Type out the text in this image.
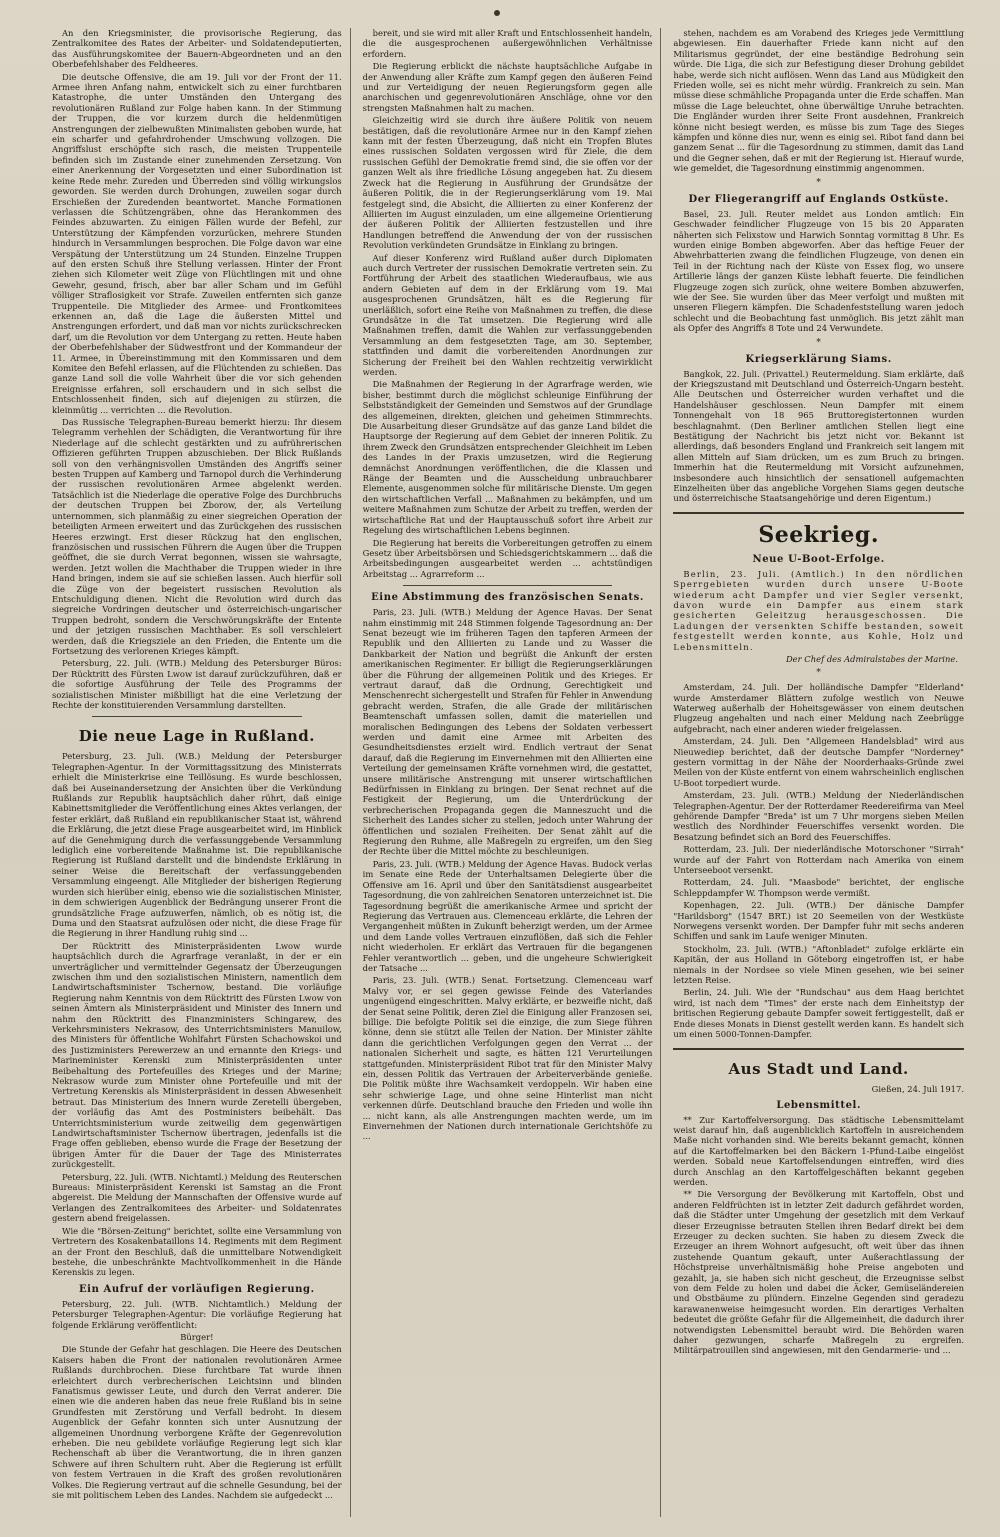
An den Kriegsminister, die provisorische Regierung, das Zentralkomitee des Rates der Arbeiter- und Soldatendeputierten, das Ausführungskomitee der Bauern-Abgeordneten und an den Oberbefehlshaber des Feldheeres.

Die deutsche Offensive, die am 19. Juli vor der Front der 11. Armee ihren Anfang nahm, entwickelt sich zu einer furchtbaren Katastrophe, die unter Umständen den Untergang des revolutionären Rußland zur Folge haben kann. In der Stimmung der Truppen, die vor kurzem durch die heldenmütigen Anstrengungen der zielbewußten Minimalisten geboben wurde, hat ein scharfer und gefahrdrohender Umschwung vollzogen. Die Angriffslust erschöpfte sich rasch, die meisten Truppenteile befinden sich im Zustande einer zunehmenden Zersetzung. Von einer Anerkennung der Vorgesetzten und einer Subordination ist keine Rede mehr. Zureden und Überreden sind völlig wirkungslos geworden. Sie werden durch Drohungen, zuweilen sogar durch Erschießen der Zuredenden beantwortet. Manche Formationen verlassen die Schützengräben, ohne das Herankommen des Feindes abzuwarten. Zu einigen Fällen wurde der Befehl, zur Unterstützung der Kämpfenden vorzurücken, mehrere Stunden hindurch in Versammlungen besprochen. Die Folge davon war eine Verspätung der Unterstützung um 24 Stunden. Einzelne Truppen auf den ersten Schuß ihre Stellung verlassen. Hinter der Front ziehen sich Kilometer weit Züge von Flüchtlingen mit und ohne Gewehr, gesund, frisch, aber bar aller Scham und im Gefühl völliger Straflosigkeit vor Strafe. Zuweilen entfernten sich ganze Truppenteile. Die Mitglieder des Armee- und Frontkomitees erkennen an, daß die Lage die äußersten Mittel und Anstrengungen erfordert, und daß man vor nichts zurückschrecken darf, um die Revolution vor dem Untergang zu retten. Heute haben der Oberbefehlshaber der Südwestfront und der Kommandeur der 11. Armee, in Übereinstimmung mit den Kommissaren und dem Komitee den Befehl erlassen, auf die Flüchtenden zu schießen. Das ganze Land soll die volle Wahrheit über die vor sich gehenden Ereignisse erfahren, soll erschaudern und in sich selbst die Entschlossenheit finden, sich auf diejenigen zu stürzen, die kleinmütig ... verrichten ... die Revolution.

Das Russische Telegraphen-Bureau bemerkt hierzu: Ihr diesem Telegramm verhehlen der Schädigten, die Verantwortung für ihre Niederlage auf die schlecht gestärkten und zu aufrührerischen Offizieren geführten Truppen abzuschieben. Der Blick Rußlands soll von den verhängnisvollen Umständen des Angriffs seiner besten Truppen auf Kamberg und Tarnopol durch die Verhinderung der russischen revolutionären Armee abgelenkt werden. Tatsächlich ist die Niederlage die operative Folge des Durchbruchs der deutschen Truppen bei Zborow, der, als Verteilung unternommen, sich planmäßig zu einer siegreichen Operation der beteiligten Armeen erweitert und das Zurückgehen des russischen Heeres erzwingt. Erst dieser Rückzug hat den englischen, französischen und russischen Führern die Augen über die Truppen geöffnet, die sie durch Verrat begonnen, wissen sie wahrsagte, werden. Jetzt wollen die Machthaber die Truppen wieder in ihre Hand bringen, indem sie auf sie schießen lassen. Auch hierfür soll die Züge von der begeistert russischen Revolution als Entschuldigung dienen. Nicht die Revolution wird durch das siegreiche Vordringen deutscher und österreichisch-ungarischer Truppen bedroht, sondern die Verschwörungskräfte der Entente und der jetzigen russischen Machthaber. Es soll verschleiert werden, daß die Kriegsziele an den Frieden, die Entente um die Fortsetzung des verlorenen Krieges kämpft.

Petersburg, 22. Juli. (WTB.) Meldung des Petersburger Büros: Der Rücktritt des Fürsten Lwow ist darauf zurückzuführen, daß er die sofortige Ausführung der Teile des Programms der sozialistischen Minister mißbilligt hat die eine Verletzung der Rechte der konstituierenden Versammlung darstellten.

Die neue Lage in Rußland.

Petersburg, 23. Juli. (W.B.) Meldung der Petersburger Telegraphen-Agentur. In der Vormittagssitzung des Ministerrats erhielt die Ministerkrise eine Teillösung. Es wurde beschlossen, daß bei Auseinandersetzung der Ansichten über die Verkündung Rußlands zur Republik hauptsächlich daher rührt, daß einige Kabinettsmitglieder die Veröffentlichung eines Aktes verlangen, der fester erklärt, daß Rußland ein republikanischer Staat ist, während die Erklärung, die jetzt diese Frage ausgearbeitet wird, im Hinblick auf die Genehmigung durch die verfassunggebende Versammlung lediglich eine vorbereitende Maßnahme ist. Die republikanische Regierung ist Rußland darstellt und die bindendste Erklärung in seiner Weise die Bereitschaft der verfassunggebenden Versammlung eingeengt. Alle Mitglieder der bisherigen Regierung wurden sich hierüber einig, ebenso wie die sozialistischen Minister, in dem schwierigen Augenblick der Bedrängung unserer Front die grundsätzliche Frage aufzuwerfen, nämlich, ob es nötig ist, die Duma und den Staatsrat aufzulösen oder nicht, die diese Frage für die Regierung in ihrer Handlung ruhig sind ...

Der Rücktritt des Ministerpräsidenten Lwow wurde hauptsächlich durch die Agrarfrage veranlaßt, in der er ein unverträglicher und vermittelnder Gegensatz der Überzeugungen zwischen ihm und den sozialistischen Ministern, namentlich dem Landwirtschaftsminister Tschernow, bestand. Die vorläufige Regierung nahm Kenntnis von dem Rücktritt des Fürsten Lwow von seinen Ämtern als Ministerpräsident und Minister des Innern und nahm den Rücktritt des Finanzministers Schingarew, des Verkehrsministers Nekrasow, des Unterrichtsministers Manuilow, des Ministers für öffentliche Wohlfahrt Fürsten Schachowskoi und des Justizministers Perewerzew an und ernannte den Kriegs- und Marineminister Kerenski zum Ministerpräsidenten unter Beibehaltung des Portefeuilles des Krieges und der Marine; Nekrasow wurde zum Minister ohne Portefeuille und mit der Vertretung Kerenskis als Ministerpräsident in dessen Abwesenheit betraut. Das Ministerium des Innern wurde Zeretelli übergeben, der vorläufig das Amt des Postministers beibehält. Das Unterrichtsministerium wurde zeitweilig dem gegenwärtigen Landwirtschaftsminister Tschernow übertragen, jedenfalls ist die Frage offen geblieben, ebenso wurde die Frage der Besetzung der übrigen Ämter für die Dauer der Tage des Ministerrates zurückgestellt.

Petersburg, 22. Juli. (WTB. Nichtamtl.) Meldung des Reuterschen Bureaus: Ministerpräsident Kerenski ist Samstag an die Front abgereist. Die Meldung der Mannschaften der Offensive wurde auf Verlangen des Zentralkomitees des Arbeiter- und Soldatenrates gestern abend freigelassen.

Wie die "Börsen-Zeitung" berichtet, sollte eine Versammlung von Vertretern des Kosakenbataillons 14. Regiments mit dem Regiment an der Front den Beschluß, daß die unmittelbare Notwendigkeit bestehe, die unbeschränkte Machtvollkommenheit in die Hände Kerenskis zu legen.

Ein Aufruf der vorläufigen Regierung.

Petersburg, 22. Juli. (WTB. Nichtamtlich.) Meldung der Petersburger Telegraphen-Agentur: Die vorläufige Regierung hat folgende Erklärung veröffentlicht:

Bürger!

Die Stunde der Gefahr hat geschlagen. Die Heere des Deutschen Kaisers haben die Front der nationalen revolutionären Armee Rußlands durchbrochen. Diese furchtbare Tat wurde ihnen erleichtert durch verbrecherischen Leichtsinn und blinden Fanatismus gewisser Leute, und durch den Verrat anderer. Die einen wie die anderen haben das neue freie Rußland bis in seine Grundfesten mit Zerstörung und Verfall bedroht. In diesem Augenblick der Gefahr konnten sich unter Ausnutzung der allgemeinen Unordnung verborgene Kräfte der Gegenrevolution erheben. Die neu gebildete vorläufige Regierung legt sich klar Rechenschaft ab über die Verantwortung, die in ihren ganzen Schwere auf ihren Schultern ruht. Aber die Regierung ist erfüllt von festem Vertrauen in die Kraft des großen revolutionären Volkes. Die Regierung vertraut auf die schnelle Gesundung, bei der sie mit politischem Leben des Landes. Nachdem sie aufgedeckt ...

bereit, und sie wird mit aller Kraft und Entschlossenheit handeln, die die ausgesprochenen außergewöhnlichen Verhältnisse erfordern.

Die Regierung erblickt die nächste hauptsächliche Aufgabe in der Anwendung aller Kräfte zum Kampf gegen den äußeren Feind und zur Verteidigung der neuen Regierungsform gegen alle anarchischen und gegenrevolutionären Anschläge, ohne vor den strengsten Maßnahmen halt zu machen.

Gleichzeitig wird sie durch ihre äußere Politik von neuem bestätigen, daß die revolutionäre Armee nur in den Kampf ziehen kann mit der festen Überzeugung, daß nicht ein Tropfen Blutes eines russischen Soldaten vergossen wird für Ziele, die dem russischen Gefühl der Demokratie fremd sind, die sie offen vor der ganzen Welt als ihre friedliche Lösung angegeben hat. Zu diesem Zweck hat die Regierung in Ausführung der Grundsätze der äußeren Politik, die in der Regierungserklärung vom 19. Mai festgelegt sind, die Absicht, die Alliierten zu einer Konferenz der Alliierten im August einzuladen, um eine allgemeine Orientierung der äußeren Politik der Alliierten festzustellen und ihre Handlungen betreffend die Anwendung der von der russischen Revolution verkündeten Grundsätze in Einklang zu bringen.

Auf dieser Konferenz wird Rußland außer durch Diplomaten auch durch Vertreter der russischen Demokratie vertreten sein. Zu Fortführung der Arbeit des staatlichen Wiederaufbaus, wie aus andern Gebieten auf dem in der Erklärung vom 19. Mai ausgesprochenen Grundsätzen, hält es die Regierung für unerläßlich, sofort eine Reihe von Maßnahmen zu treffen, die diese Grundsätze in die Tat umsetzen. Die Regierung wird alle Maßnahmen treffen, damit die Wahlen zur verfassunggebenden Versammlung an dem festgesetzten Tage, am 30. September, stattfinden und damit die vorbereitenden Anordnungen zur Sicherung der Freiheit bei den Wahlen rechtzeitig verwirklicht werden.

Die Maßnahmen der Regierung in der Agrarfrage werden, wie bisher, bestimmt durch die möglichst schleunige Einführung der Selbstständigkeit der Gemeinden und Semstwos auf der Grundlage des allgemeinen, direkten, gleichen und geheimen Stimmrechts. Die Ausarbeitung dieser Grundsätze auf das ganze Land bildet die Hauptsorge der Regierung auf dem Gebiet der inneren Politik. Zu ihrem Zweck den Grundsätzen entsprechender Gleichheit im Leben des Landes in der Praxis umzusetzen, wird die Regierung demnächst Anordnungen veröffentlichen, die die Klassen und Ränge der Beamten und die Ausscheidung unbrauchbarer Elemente, ausgenommen solche für militärische Dienste. Um gegen den wirtschaftlichen Verfall ... Maßnahmen zu bekämpfen, und um weitere Maßnahmen zum Schutze der Arbeit zu treffen, werden der wirtschaftliche Rat und der Hauptausschuß sofort ihre Arbeit zur Regelung des wirtschaftlichen Lebens beginnen.

Die Regierung hat bereits die Vorbereitungen getroffen zu einem Gesetz über Arbeitsbörsen und Schiedsgerichtskammern ... daß die Arbeitsbedingungen ausgearbeitet werden ... achtstündigen Arbeitstag ... Agrarreform ...

Eine Abstimmung des französischen Senats.

Paris, 23. Juli. (WTB.) Meldung der Agence Havas. Der Senat nahm einstimmig mit 248 Stimmen folgende Tagesordnung an: Der Senat bezeugt wie im früheren Tagen den tapferen Armeen der Republik und den Alliierten zu Lande und zu Wasser die Dankbarkeit der Nation und begrüßt die Ankunft der ersten amerikanischen Regimenter. Er billigt die Regierungserklärungen über die Führung der allgemeinen Politik und des Krieges. Er vertraut darauf, daß die Ordnung, Gerechtigkeit und Menschenrecht sichergestellt und Strafen für Fehler in Anwendung gebracht werden, Strafen, die alle Grade der militärischen Beamtenschaft umfassen sollen, damit die materiellen und moralischen Bedingungen des Lebens der Soldaten verbessert werden und damit eine Armee mit Arbeiten des Gesundheitsdienstes erzielt wird. Endlich vertraut der Senat darauf, daß die Regierung im Einvernehmen mit den Alliierten eine Verteilung der gemeinsamen Kräfte vornehmen wird, die gestattet, unsere militärische Anstrengung mit unserer wirtschaftlichen Bedürfnissen in Einklang zu bringen. Der Senat rechnet auf die Festigkeit der Regierung, um die Unterdrückung der verbrecherischen Propaganda gegen die Manneszucht und die Sicherheit des Landes sicher zu stellen, jedoch unter Wahrung der öffentlichen und sozialen Freiheiten. Der Senat zählt auf die Regierung den Ruhme, alle Maßregeln zu ergreifen, um den Sieg der Rechte über die Mittel möchte zu beschleunigen.

Paris, 23. Juli. (WTB.) Meldung der Agence Havas. Budock verlas im Senate eine Rede der Unterhaltsamen Delegierte über die Offensive am 16. April und über den Sanitätsdienst ausgearbeitet Tagesordnung, die von zahlreichen Senatoren unterzeichnet ist. Die Tagesordnung begrüßt die amerikanische Armee und spricht der Regierung das Vertrauen aus. Clemenceau erklärte, die Lehren der Vergangenheit müßten in Zukunft beherzigt werden, um der Armee und dem Lande volles Vertrauen einzuflößen, daß sich die Fehler nicht wiederholen. Er erklärt das Vertrauen für die begangenen Fehler verantwortlich ... geben, und die ungeheure Schwierigkeit der Tatsache ...

Paris, 23. Juli. (WTB.) Senat. Fortsetzung. Clemenceau warf Malvy vor, er sei gegen gewisse Feinde des Vaterlandes ungenügend eingeschritten. Malvy erklärte, er bezweifle nicht, daß der Senat seine Politik, deren Ziel die Einigung aller Franzosen sei, billige. Die befolgte Politik sei die einzige, die zum Siege führen könne, denn sie stützt alle Teilen der Nation. Der Minister zählte dann die gerichtlichen Verfolgungen gegen den Verrat ... der nationalen Sicherheit und sagte, es hätten 121 Verurteilungen stattgefunden. Ministerpräsident Ribot trat für den Minister Malvy ein, dessen Politik das Vertrauen der Arbeiterverbände genieße. Die Politik müßte ihre Wachsamkeit verdoppeln. Wir haben eine sehr schwierige Lage, und ohne seine Hinterlist man nicht verkennen dürfe. Deutschland brauche den Frieden und wolle ihn ... nicht kann, als alle Anstrengungen machten werde, um im Einvernehmen der Nationen durch internationale Gerichtshöfe zu ...

stehen, nachdem es am Vorabend des Krieges jede Vermittlung abgewiesen. Ein dauerhafter Friede kann nicht auf den Militarismus gegründet, der eine beständige Bedrohung sein würde. Die Liga, die sich zur Befestigung dieser Drohung gebildet habe, werde sich nicht auflösen. Wenn das Land aus Müdigkeit den Frieden wolle, sei es nicht mehr würdig. Frankreich zu sein. Man müsse diese schmähliche Propaganda unter die Erde schaffen. Man müsse die Lage beleuchtet, ohne überwältige Unruhe betrachten. Die Engländer wurden ihrer Seite Front ausdehnen, Frankreich könne nicht besiegt werden, es müsse bis zum Tage des Sieges kämpfen und könne dies nur, wenn es einig sei. Ribot fand dann bei ganzem Senat ... für die Tagesordnung zu stimmen, damit das Land und die Gegner sehen, daß er mit der Regierung ist. Hierauf wurde, wie gemeldet, die Tagesordnung einstimmig angenommen.

*
Der Fliegerangriff auf Englands Ostküste.

Basel, 23. Juli. Reuter meldet aus London amtlich: Ein Geschwader feindlicher Flugzeuge von 15 bis 20 Apparaten näherten sich Felixstow und Harwich Sonntag vormittag 8 Uhr. Es wurden einige Bomben abgeworfen. Aber das heftige Feuer der Abwehrbatterien zwang die feindlichen Flugzeuge, von denen ein Teil in der Richtung nach der Küste von Essex flog, wo unsere Artillerie längs der ganzen Küste lebhaft feuerte. Die feindlichen Flugzeuge zogen sich zurück, ohne weitere Bomben abzuwerfen, wie der See. Sie wurden über das Meer verfolgt und mußten mit unseren Fliegern kämpfen. Die Schadenfeststellung waren jedoch schlecht und die Beobachtung fast unmöglich. Bis jetzt zählt man als Opfer des Angriffs 8 Tote und 24 Verwundete.

*
Kriegserklärung Siams.

Bangkok, 22. Juli. (Privattel.) Reutermeldung. Siam erklärte, daß der Kriegszustand mit Deutschland und Österreich-Ungarn besteht. Alle Deutschen und Österreicher wurden verhaftet und die Handelshäuser geschlossen. Neun Dampfer mit einem Tonnengehalt von 18 965 Bruttoregistertonnen wurden beschlagnahmt. (Den Berliner amtlichen Stellen liegt eine Bestätigung der Nachricht bis jetzt nicht vor. Bekannt ist allerdings, daß besonders England und Frankreich seit langem mit allen Mitteln auf Siam drücken, um es zum Bruch zu bringen. Immerhin hat die Reutermeldung mit Vorsicht aufzunehmen, insbesondere auch hinsichtlich der sensationell aufgemachten Einzelheiten über das angebliche Vorgehen Siams gegen deutsche und österreichische Staatsangehörige und deren Eigentum.)

Seekrieg.
Neue U-Boot-Erfolge.

Berlin, 23. Juli. (Amtlich.) In den nördlichen Sperrgebieten wurden durch unsere U-Boote wiederum acht Dampfer und vier Segler versenkt, davon wurde ein Dampfer aus einem stark gesicherten Geleitzug herausgeschossen. Die Ladungen der versenkten Schiffe bestanden, soweit festgestellt werden konnte, aus Kohle, Holz und Lebensmitteln.

Der Chef des Admiralstabes der Marine.
*

Amsterdam, 24. Juli. Der holländische Dampfer "Elderland" wurde Amsterdamer Blättern zufolge westlich von Neuwe Waterweg außerhalb der Hoheitsgewässer von einem deutschen Flugzeug angehalten und nach einer Meldung nach Zeebrügge aufgebracht, nach einer anderen wieder freigelassen.

Amsterdam, 24. Juli. Den "Allgemeen Handelsblad" wird aus Nieuwediep berichtet, daß der deutsche Dampfer "Norderney" gestern vormittag in der Nähe der Noorderhaaks-Gründe zwei Meilen von der Küste entfernt von einem wahrscheinlich englischen U-Boot torpediert wurde.

Amsterdam, 23. Juli. (WTB.) Meldung der Niederländischen Telegraphen-Agentur. Der der Rotterdamer Reedereifirma van Meel gehörende Dampfer "Breda" ist um 7 Uhr morgens sieben Meilen westlich des Nordhinder Feuerschiffes versenkt worden. Die Besatzung befindet sich an Bord des Feuerschiffes.

Rotterdam, 23. Juli. Der niederländische Motorschoner "Sirrah" wurde auf der Fahrt von Rotterdam nach Amerika von einem Unterseeboot versenkt.

Rotterdam, 24. Juli. "Maasbode" berichtet, der englische Schleppdampfer W. Thompson werde vermißt.

Kopenhagen, 22. Juli. (WTB.) Der dänische Dampfer "Harildsborg" (1547 BRT.) ist 20 Seemeilen von der Westküste Norwegens versenkt worden. Der Dampfer fuhr mit sechs anderen Schiffen und sank im Laufe weniger Minuten.

Stockholm, 23. Juli. (WTB.) "Aftonbladet" zufolge erklärte ein Kapitän, der aus Holland in Göteborg eingetroffen ist, er habe niemals in der Nordsee so viele Minen gesehen, wie bei seiner letzten Reise.

Berlin, 24. Juli. Wie der "Rundschau" aus dem Haag berichtet wird, ist nach dem "Times" der erste nach dem Einheitstyp der britischen Regierung gebaute Dampfer soweit fertiggestellt, daß er Ende dieses Monats in Dienst gestellt werden kann. Es handelt sich um einen 5000-Tonnen-Dampfer.

Aus Stadt und Land.
Gießen, 24. Juli 1917.
Lebensmittel.

** Zur Kartoffelversorgung. Das städtische Lebensmittelamt weist darauf hin, daß augenblicklich Kartoffeln in ausreichendem Maße nicht vorhanden sind. Wie bereits bekannt gemacht, können auf die Kartoffelmarken bei den Bäckern 1-Pfund-Laibe eingelöst werden. Sobald neue Kartoffelsendungen eintreffen, wird dies durch Anschlag an den Kartoffelgeschäften bekannt gegeben werden.

** Die Versorgung der Bevölkerung mit Kartoffeln, Obst und anderen Feldfrüchten ist in letzter Zeit dadurch gefährdet worden, daß die Städter unter Umgehung der gesetzlich mit dem Verkauf dieser Erzeugnisse betrauten Stellen ihren Bedarf direkt bei dem Erzeuger zu decken suchten. Sie haben zu diesem Zweck die Erzeuger an ihrem Wohnort aufgesucht, oft weit über das ihnen zustehende Quantum gekauft, unter Außerachtlassung der Höchstpreise unverhältnismäßig hohe Preise angeboten und gezahlt, ja, sie haben sich nicht gescheut, die Erzeugnisse selbst von dem Felde zu holen und dabei die Äcker, Gemüseländereien und Obstbäume zu plündern. Einzelne Gegenden sind geradezu karawanenweise heimgesucht worden. Ein derartiges Verhalten bedeutet die größte Gefahr für die Allgemeinheit, die dadurch ihrer notwendigsten Lebensmittel beraubt wird. Die Behörden waren daher gezwungen, scharfe Maßregeln zu ergreifen. Militärpatrouillen sind angewiesen, mit den Gendarmerie- und ...
